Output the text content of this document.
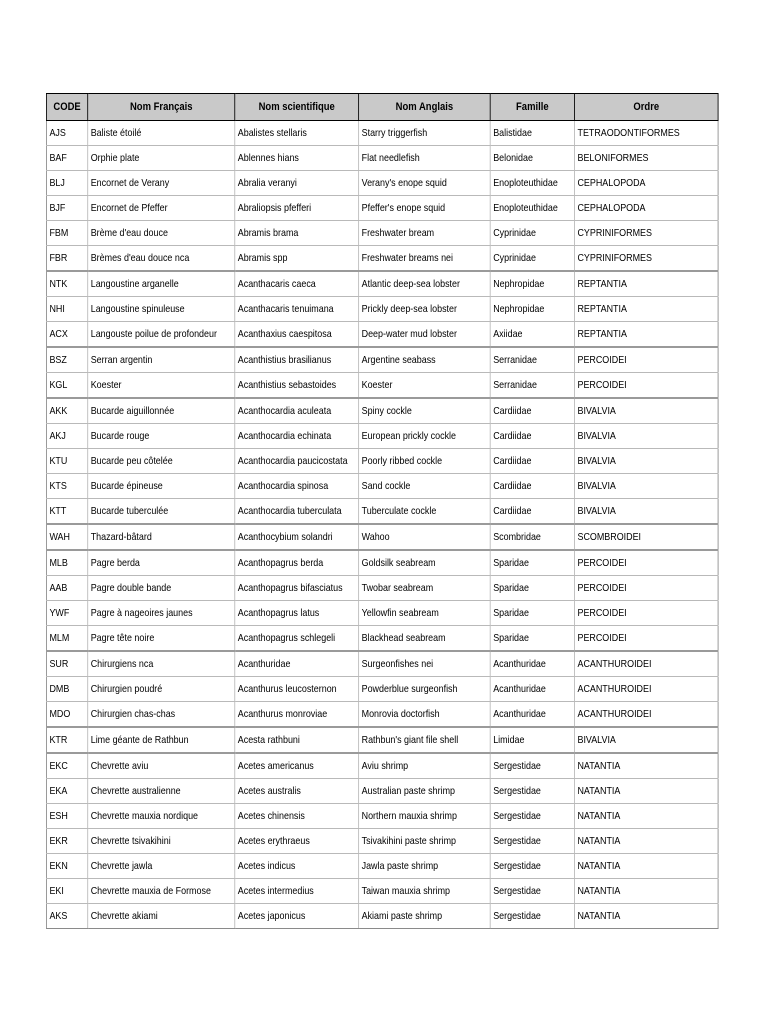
CODE	Nom Français	Nom scientifique	Nom Anglais	Famille	Ordre
AJS	Baliste étoilé	Abalistes stellaris	Starry triggerfish	Balistidae	TETRAODONTIFORMES
BAF	Orphie plate	Ablennes hians	Flat needlefish	Belonidae	BELONIFORMES
BLJ	Encornet de Verany	Abralia veranyi	Verany's enope squid	Enoploteuthidae	CEPHALOPODA
BJF	Encornet de Pfeffer	Abraliopsis pfefferi	Pfeffer's enope squid	Enoploteuthidae	CEPHALOPODA
FBM	Brème d'eau douce	Abramis brama	Freshwater bream	Cyprinidae	CYPRINIFORMES
FBR	Brèmes d'eau douce nca	Abramis spp	Freshwater breams nei	Cyprinidae	CYPRINIFORMES
NTK	Langoustine arganelle	Acanthacaris caeca	Atlantic deep-sea lobster	Nephropidae	REPTANTIA
NHI	Langoustine spinuleuse	Acanthacaris tenuimana	Prickly deep-sea lobster	Nephropidae	REPTANTIA
ACX	Langouste poilue de profondeur	Acanthaxius caespitosa	Deep-water mud lobster	Axiidae	REPTANTIA
BSZ	Serran argentin	Acanthistius brasilianus	Argentine seabass	Serranidae	PERCOIDEI
KGL	Koester	Acanthistius sebastoides	Koester	Serranidae	PERCOIDEI
AKK	Bucarde aiguillonnée	Acanthocardia aculeata	Spiny cockle	Cardiidae	BIVALVIA
AKJ	Bucarde rouge	Acanthocardia echinata	European prickly cockle	Cardiidae	BIVALVIA
KTU	Bucarde peu côtelée	Acanthocardia paucicostata	Poorly ribbed cockle	Cardiidae	BIVALVIA
KTS	Bucarde épineuse	Acanthocardia spinosa	Sand cockle	Cardiidae	BIVALVIA
KTT	Bucarde tuberculée	Acanthocardia tuberculata	Tuberculate cockle	Cardiidae	BIVALVIA
WAH	Thazard-bâtard	Acanthocybium solandri	Wahoo	Scombridae	SCOMBROIDEI
MLB	Pagre berda	Acanthopagrus berda	Goldsilk seabream	Sparidae	PERCOIDEI
AAB	Pagre double bande	Acanthopagrus bifasciatus	Twobar seabream	Sparidae	PERCOIDEI
YWF	Pagre à nageoires jaunes	Acanthopagrus latus	Yellowfin seabream	Sparidae	PERCOIDEI
MLM	Pagre tête noire	Acanthopagrus schlegeli	Blackhead seabream	Sparidae	PERCOIDEI
SUR	Chirurgiens nca	Acanthuridae	Surgeonfishes nei	Acanthuridae	ACANTHUROIDEI
DMB	Chirurgien poudré	Acanthurus leucosternon	Powderblue surgeonfish	Acanthuridae	ACANTHUROIDEI
MDO	Chirurgien chas-chas	Acanthurus monroviae	Monrovia doctorfish	Acanthuridae	ACANTHUROIDEI
KTR	Lime géante de Rathbun	Acesta rathbuni	Rathbun's giant file shell	Limidae	BIVALVIA
EKC	Chevrette aviu	Acetes americanus	Aviu shrimp	Sergestidae	NATANTIA
EKA	Chevrette australienne	Acetes australis	Australian paste shrimp	Sergestidae	NATANTIA
ESH	Chevrette mauxia nordique	Acetes chinensis	Northern mauxia shrimp	Sergestidae	NATANTIA
EKR	Chevrette tsivakihini	Acetes erythraeus	Tsivakihini paste shrimp	Sergestidae	NATANTIA
EKN	Chevrette jawla	Acetes indicus	Jawla paste shrimp	Sergestidae	NATANTIA
EKI	Chevrette mauxia de Formose	Acetes intermedius	Taiwan mauxia shrimp	Sergestidae	NATANTIA
AKS	Chevrette akiami	Acetes japonicus	Akiami paste shrimp	Sergestidae	NATANTIA
